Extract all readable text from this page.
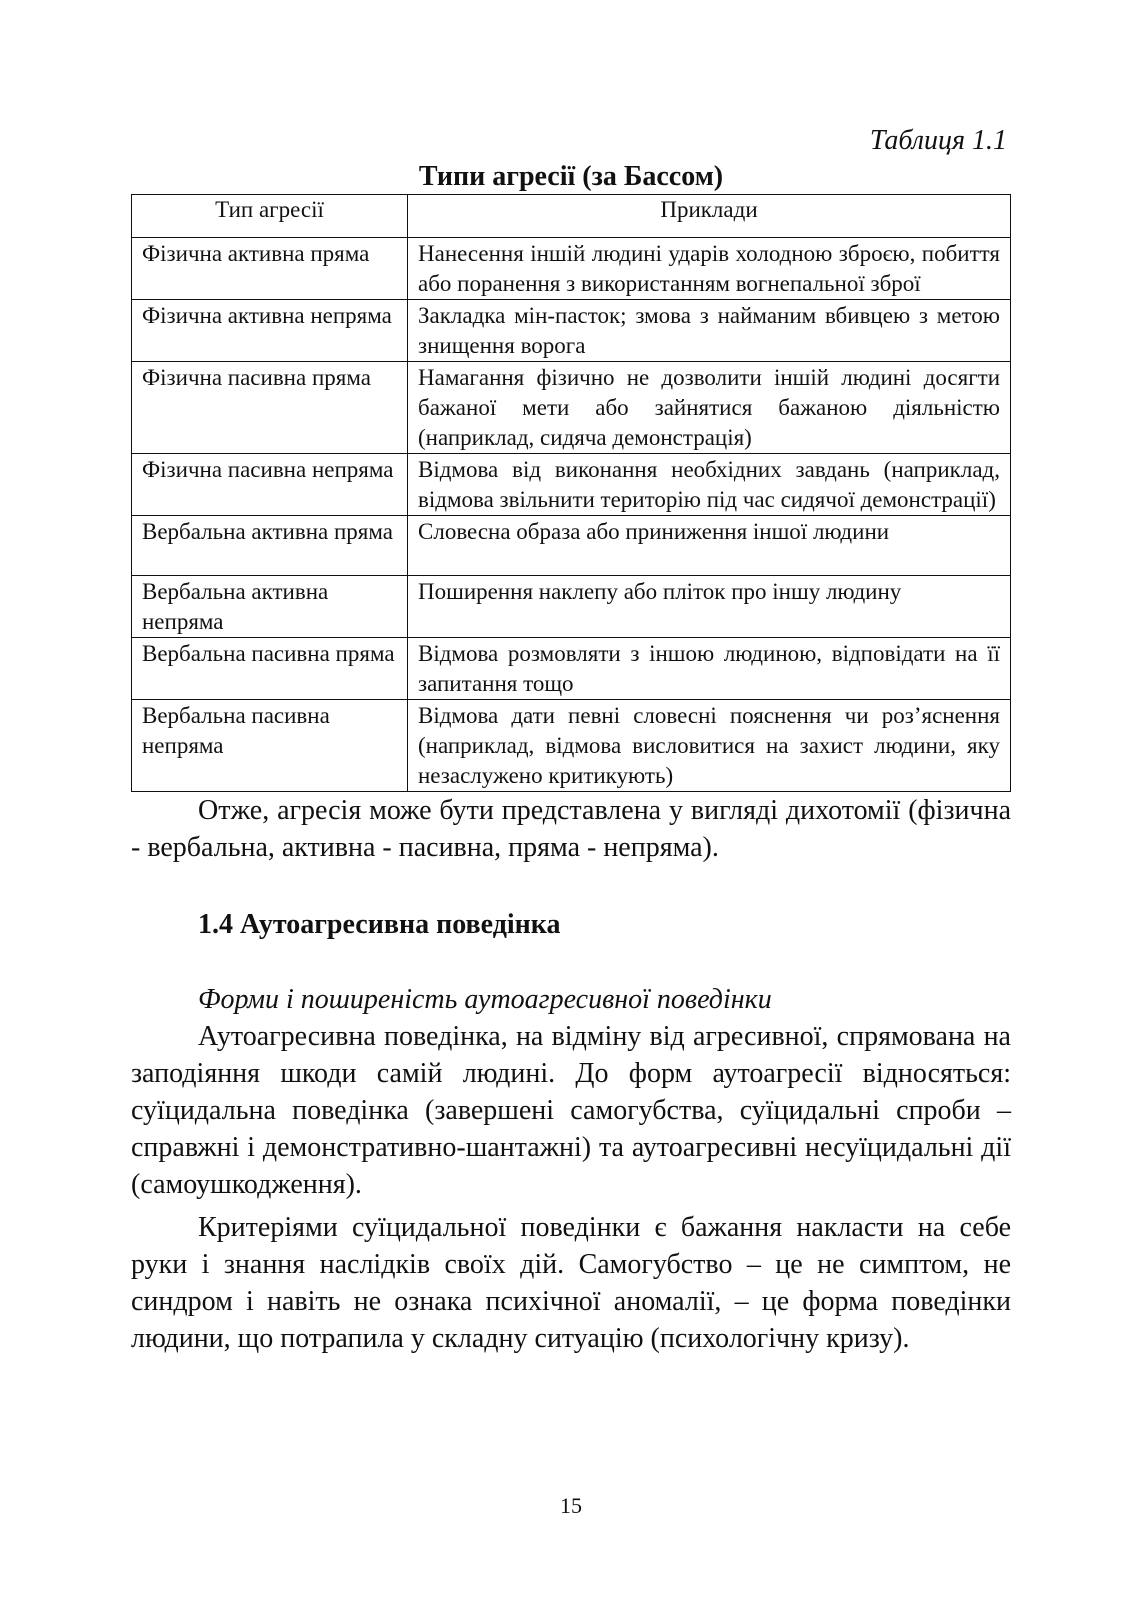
Таблиця 1.1
Типи агресії (за Бассом)
Тип агресії	Приклади
Фізична активна пряма	Нанесення іншій людині ударів холодною зброєю, побиття або поранення з використанням вогнепальної зброї
Фізична активна непряма	Закладка мін-пасток; змова з найманим вбивцею з метою знищення ворога
Фізична пасивна пряма	Намагання фізично не дозволити іншій людині досягти бажаної мети або зайнятися бажаною діяльністю (наприклад, сидяча демонстрація)
Фізична пасивна непряма	Відмова від виконання необхідних завдань (наприклад, відмова звільнити територію під час сидячої демонстрації)
Вербальна активна пряма	Словесна образа або приниження іншої людини
Вербальна активна непряма	Поширення наклепу або пліток про іншу людину
Вербальна пасивна пряма	Відмова розмовляти з іншою людиною, відповідати на її запитання тощо
Вербальна пасивна непряма	Відмова дати певні словесні пояснення чи роз’яснення (наприклад, відмова висловитися на захист людини, яку незаслужено критикують)

Отже, агресія може бути представлена у вигляді дихотомії (фізична - вербальна, активна - пасивна, пряма - непряма).

1.4 Аутоагресивна поведінка
Форми і поширеність аутоагресивної поведінки

Аутоагресивна поведінка, на відміну від агресивної, спрямована на заподіяння шкоди самій людині. До форм аутоагресії відносяться: суїцидальна поведінка (завершені самогубства, суїцидальні спроби – справжні і демонстративно-шантажні) та аутоагресивні несуїцидальні дії (самоушкодження).

Критеріями суїцидальної поведінки є бажання накласти на себе руки і знання наслідків своїх дій. Самогубство – це не симптом, не синдром і навіть не ознака психічної аномалії, – це форма поведінки людини, що потрапила у складну ситуацію (психологічну кризу).

15
